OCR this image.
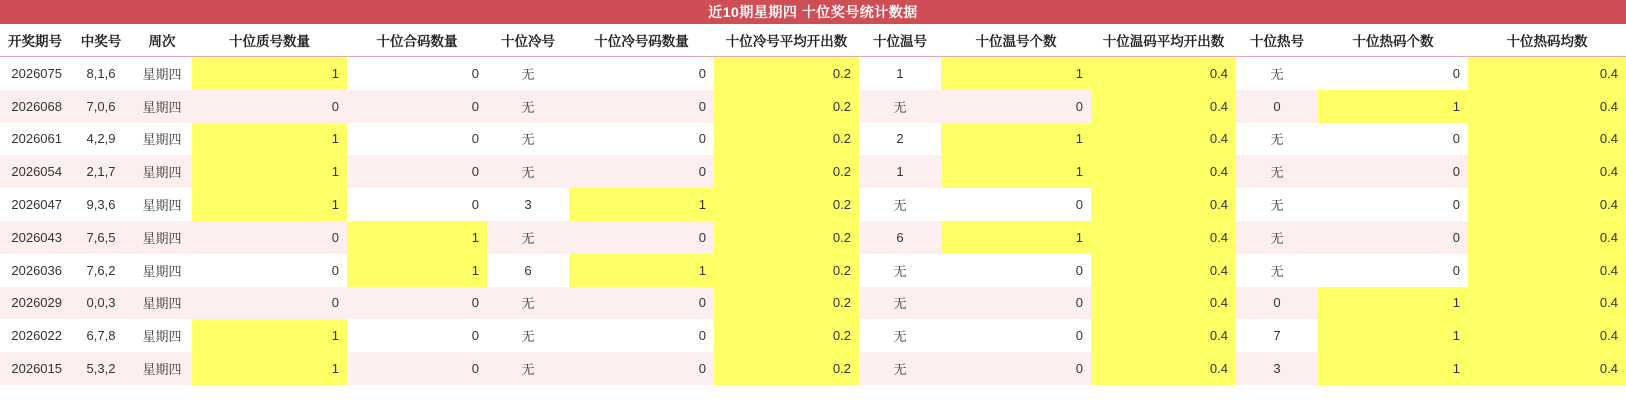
近10期星期四 十位奖号统计数据
开奖期号	中奖号	周次	十位质号数量	十位合码数量	十位冷号	十位冷号码数量	十位冷号平均开出数	十位温号	十位温号个数	十位温码平均开出数	十位热号	十位热码个数	十位热码均数
2026075	8,1,6	星期四	1	0	无	0	0.2	1	1	0.4	无	0	0.4
2026068	7,0,6	星期四	0	0	无	0	0.2	无	0	0.4	0	1	0.4
2026061	4,2,9	星期四	1	0	无	0	0.2	2	1	0.4	无	0	0.4
2026054	2,1,7	星期四	1	0	无	0	0.2	1	1	0.4	无	0	0.4
2026047	9,3,6	星期四	1	0	3	1	0.2	无	0	0.4	无	0	0.4
2026043	7,6,5	星期四	0	1	无	0	0.2	6	1	0.4	无	0	0.4
2026036	7,6,2	星期四	0	1	6	1	0.2	无	0	0.4	无	0	0.4
2026029	0,0,3	星期四	0	0	无	0	0.2	无	0	0.4	0	1	0.4
2026022	6,7,8	星期四	1	0	无	0	0.2	无	0	0.4	7	1	0.4
2026015	5,3,2	星期四	1	0	无	0	0.2	无	0	0.4	3	1	0.4
